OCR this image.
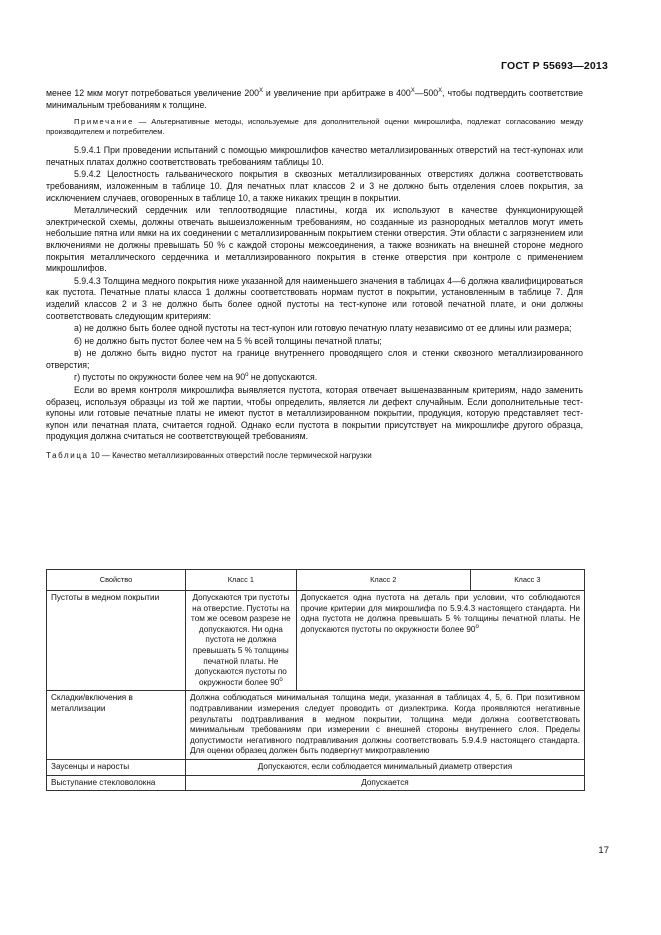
ГОСТ Р 55693—2013

менее 12 мкм могут потребоваться увеличение $200^Х$ и увеличение при арбитраже в $400^Х—500^Х$, чтобы подтвердить соответствие минимальным требованиям к толщине.

Примечание — Альтернативные методы, используемые для дополнительной оценки микрошлифа, подлежат согласованию между производителем и потребителем.

5.9.4.1 При проведении испытаний с помощью микрошлифов качество металлизированных отверстий на тест-купонах или печатных платах должно соответствовать требованиям таблицы 10.

5.9.4.2 Целостность гальванического покрытия в сквозных металлизированных отверстиях должна соответствовать требованиям, изложенным в таблице 10. Для печатных плат классов 2 и 3 не должно быть отделения слоев покрытия, за исключением случаев, оговоренных в таблице 10, а также никаких трещин в покрытии.

Металлический сердечник или теплоотводящие пластины, когда их используют в качестве функционирующей электрической схемы, должны отвечать вышеизложенным требованиям, но созданные из разнородных металлов могут иметь небольшие пятна или ямки на их соединении с металлизированным покрытием стенки отверстия. Эти области с загрязнением или включениями не должны превышать 50 % с каждой стороны межсоединения, а также возникать на внешней стороне медного покрытия металлического сердечника и металлизированного покрытия в стенке отверстия при контроле с применением микрошлифов.

5.9.4.3 Толщина медного покрытия ниже указанной для наименьшего значения в таблицах 4—6 должна квалифицироваться как пустота. Печатные платы класса 1 должны соответствовать нормам пустот в покрытии, установленным в таблице 7. Для изделий классов 2 и 3 не должно быть более одной пустоты на тест-купоне или готовой печатной плате, и они должны соответствовать следующим критериям:

а) не должно быть более одной пустоты на тест-купон или готовую печатную плату независимо от ее длины или размера;

б) не должно быть пустот более чем на 5 % всей толщины печатной платы;

в) не должно быть видно пустот на границе внутреннего проводящего слоя и стенки сквозного металлизированного отверстия;

г) пустоты по окружности более чем на $90^о$ не допускаются.

Если во время контроля микрошлифа выявляется пустота, которая отвечает вышеназванным критериям, надо заменить образец, используя образцы из той же партии, чтобы определить, является ли дефект случайным. Если дополнительные тест-купоны или готовые печатные платы не имеют пустот в металлизированном покрытии, продукция, которую представляет тест-купон или печатная плата, считается годной. Однако если пустота в покрытии присутствует на микрошлифе другого образца, продукция должна считаться не соответствующей требованиям.

Таблица 10 — Качество металлизированных отверстий после термической нагрузки

Свойство	Класс 1	Класс 2	Класс 3
Пустоты в медном покрытии	Допускаются три пустоты на отверстие. Пустоты на том же осевом разрезе не допускаются. Ни одна пустота не должна превышать 5 % толщины печатной платы. Не допускаются пустоты по окружности более $90^о$	Допускается одна пустота на деталь при условии, что соблюдаются прочие критерии для микрошлифа по 5.9.4.3 настоящего стандарта. Ни одна пустота не должна превышать 5 % толщины печатной платы. Не допускаются пустоты по окружности более $90^о$
Складки/включения в металлизации	Должна соблюдаться минимальная толщина меди, указанная в таблицах 4, 5, 6. При позитивном подтравливании измерения следует проводить от диэлектрика. Когда проявляются негативные результаты подтравливания в медном покрытии, толщина меди должна соответствовать минимальным требованиям при измерении с внешней стороны внутреннего слоя. Пределы допустимости негативного подтравливания должны соответствовать 5.9.4.9 настоящего стандарта. Для оценки образец должен быть подвергнут микротравлению		
Заусенцы и наросты	Допускаются, если соблюдается минимальный диаметр отверстия		
Выступание стекловолокна	Допускается		
17
